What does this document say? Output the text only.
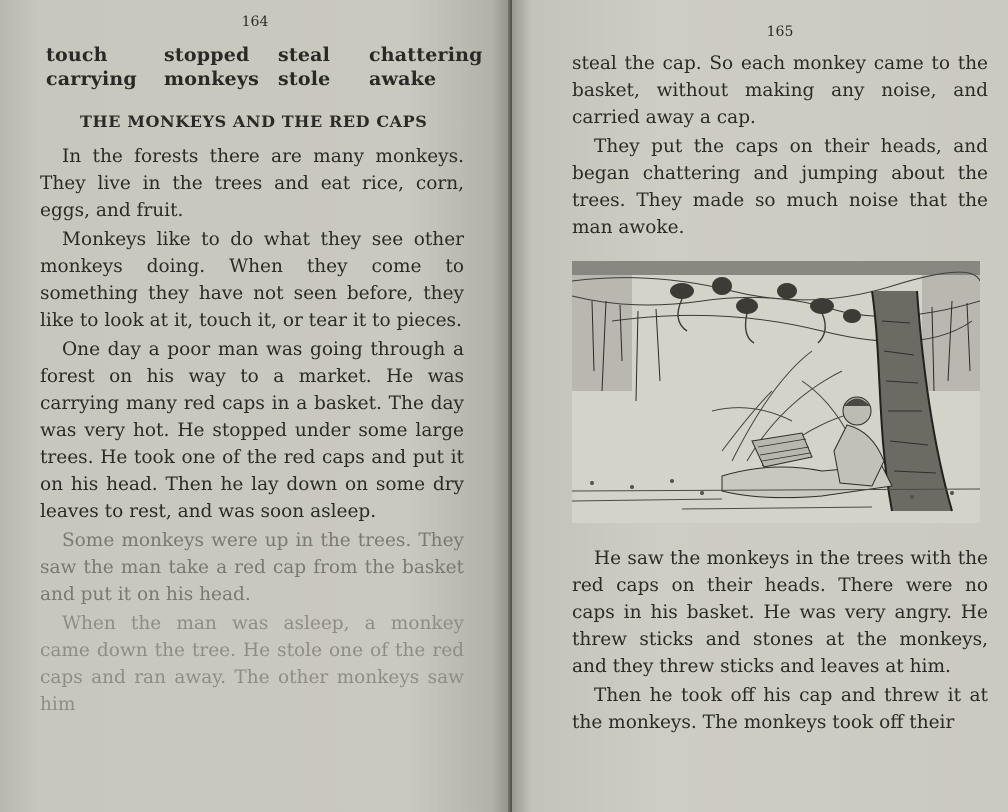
164
touch	stopped	steal	chattering
carrying	monkeys	stole	awake
THE MONKEYS AND THE RED CAPS

In the forests there are many monkeys. They live in the trees and eat rice, corn, eggs, and fruit.

Monkeys like to do what they see other monkeys doing. When they come to something they have not seen before, they like to look at it, touch it, or tear it to pieces.

One day a poor man was going through a forest on his way to a market. He was carrying many red caps in a basket. The day was very hot. He stopped under some large trees. He took one of the red caps and put it on his head. Then he lay down on some dry leaves to rest, and was soon asleep.

Some monkeys were up in the trees. They saw the man take a red cap from the basket and put it on his head.

When the man was asleep, a monkey came down the tree. He stole one of the red caps and ran away. The other monkeys saw him

165

steal the cap. So each monkey came to the basket, without making any noise, and carried away a cap.

They put the caps on their heads, and began chattering and jumping about the trees. They made so much noise that the man awoke.

He saw the monkeys in the trees with the red caps on their heads. There were no caps in his basket. He was very angry. He threw sticks and stones at the monkeys, and they threw sticks and leaves at him.

Then he took off his cap and threw it at the monkeys. The monkeys took off their
